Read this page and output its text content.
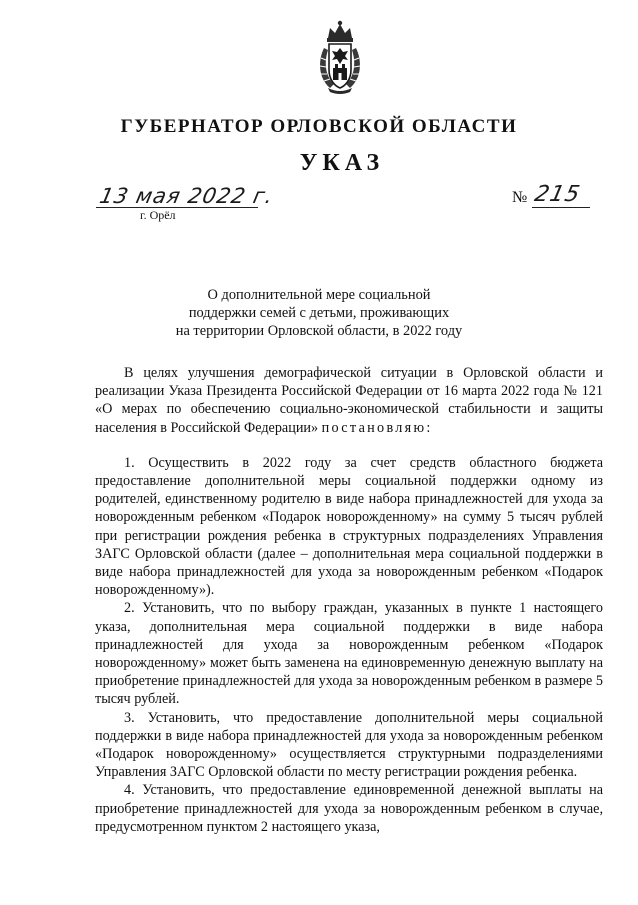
ГУБЕРНАТОР ОРЛОВСКОЙ ОБЛАСТИ
УКАЗ
13 мая 2022 г.
г. Орёл
№ 215
О дополнительной мере социальной
поддержки семей с детьми, проживающих
на территории Орловской области, в 2022 году

В целях улучшения демографической ситуации в Орловской области и реализации Указа Президента Российской Федерации от 16 марта 2022 года № 121 «О мерах по обеспечению социально-экономической стабильности и защиты населения в Российской Федерации» постановляю:

1. Осуществить в 2022 году за счет средств областного бюджета предоставление дополнительной меры социальной поддержки одному из родителей, единственному родителю в виде набора принадлежностей для ухода за новорожденным ребенком «Подарок новорожденному» на сумму 5 тысяч рублей при регистрации рождения ребенка в структурных подразделениях Управления ЗАГС Орловской области (далее – дополнительная мера социальной поддержки в виде набора принадлежностей для ухода за новорожденным ребенком «Подарок новорожденному»).

2. Установить, что по выбору граждан, указанных в пункте 1 настоящего указа, дополнительная мера социальной поддержки в виде набора принадлежностей для ухода за новорожденным ребенком «Подарок новорожденному» может быть заменена на единовременную денежную выплату на приобретение принадлежностей для ухода за новорожденным ребенком в размере 5 тысяч рублей.

3. Установить, что предоставление дополнительной меры социальной поддержки в виде набора принадлежностей для ухода за новорожденным ребенком «Подарок новорожденному» осуществляется структурными подразделениями Управления ЗАГС Орловской области по месту регистрации рождения ребенка.

4. Установить, что предоставление единовременной денежной выплаты на приобретение принадлежностей для ухода за новорожденным ребенком в случае, предусмотренном пунктом 2 настоящего указа,
